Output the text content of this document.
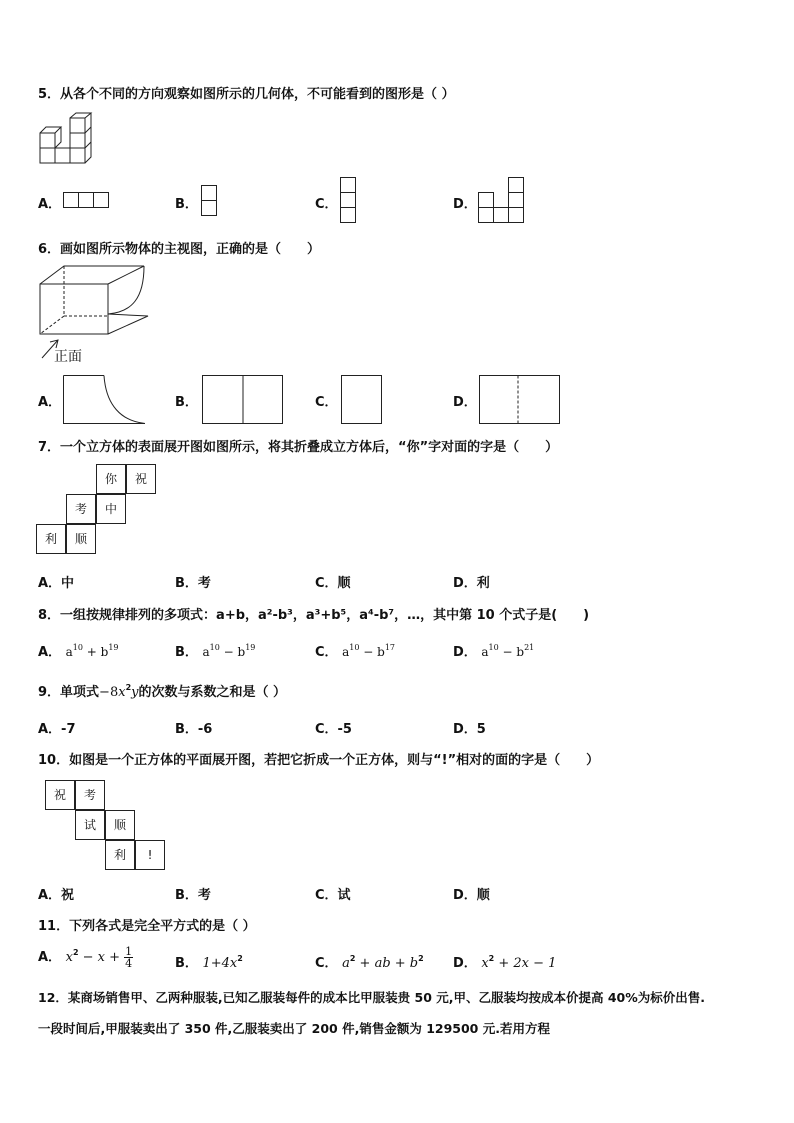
5．从各个不同的方向观察如图所示的几何体，不可能看到的图形是（ ）
A．	B．	C．	D．
6．画如图所示物体的主视图，正确的是（　　）
正面
A．	B．	C．	D．
7．一个立方体的表面展开图如图所示，将其折叠成立方体后，“你”字对面的字是（　　）
你	祝
考	中
利	顺
A．中	B．考	C．顺	D．利
8．一组按规律排列的多项式：a+b，a²-b³，a³+b⁵，a⁴-b⁷，…，其中第 10 个式子是(　　)
A． $a^{10} + b^{19}$	B． $a^{10} - b^{19}$	C． $a^{10} - b^{17}$	D． $a^{10} - b^{21}$
9．单项式$-8x^2y$的次数与系数之和是（ ）
A．-7	B．-6	C．-5	D．5
10．如图是一个正方体的平面展开图，若把它折成一个正方体，则与“!”相对的面的字是（　　）
祝	考
试	顺
利	!
A．祝	B．考	C．试	D．顺
11．下列各式是完全平方式的是（ ）
A． $x^2 - x + \frac{1}{4}$	B． $1+4x^2$	C． $a^2$ + ab + $b^2$ D． $x^2 + 2x - 1$
12．某商场销售甲、乙两种服装,已知乙服装每件的成本比甲服装贵 50 元,甲、乙服装均按成本价提高 40%为标价出售.
一段时间后,甲服装卖出了 350 件,乙服装卖出了 200 件,销售金额为 129500 元.若用方程
